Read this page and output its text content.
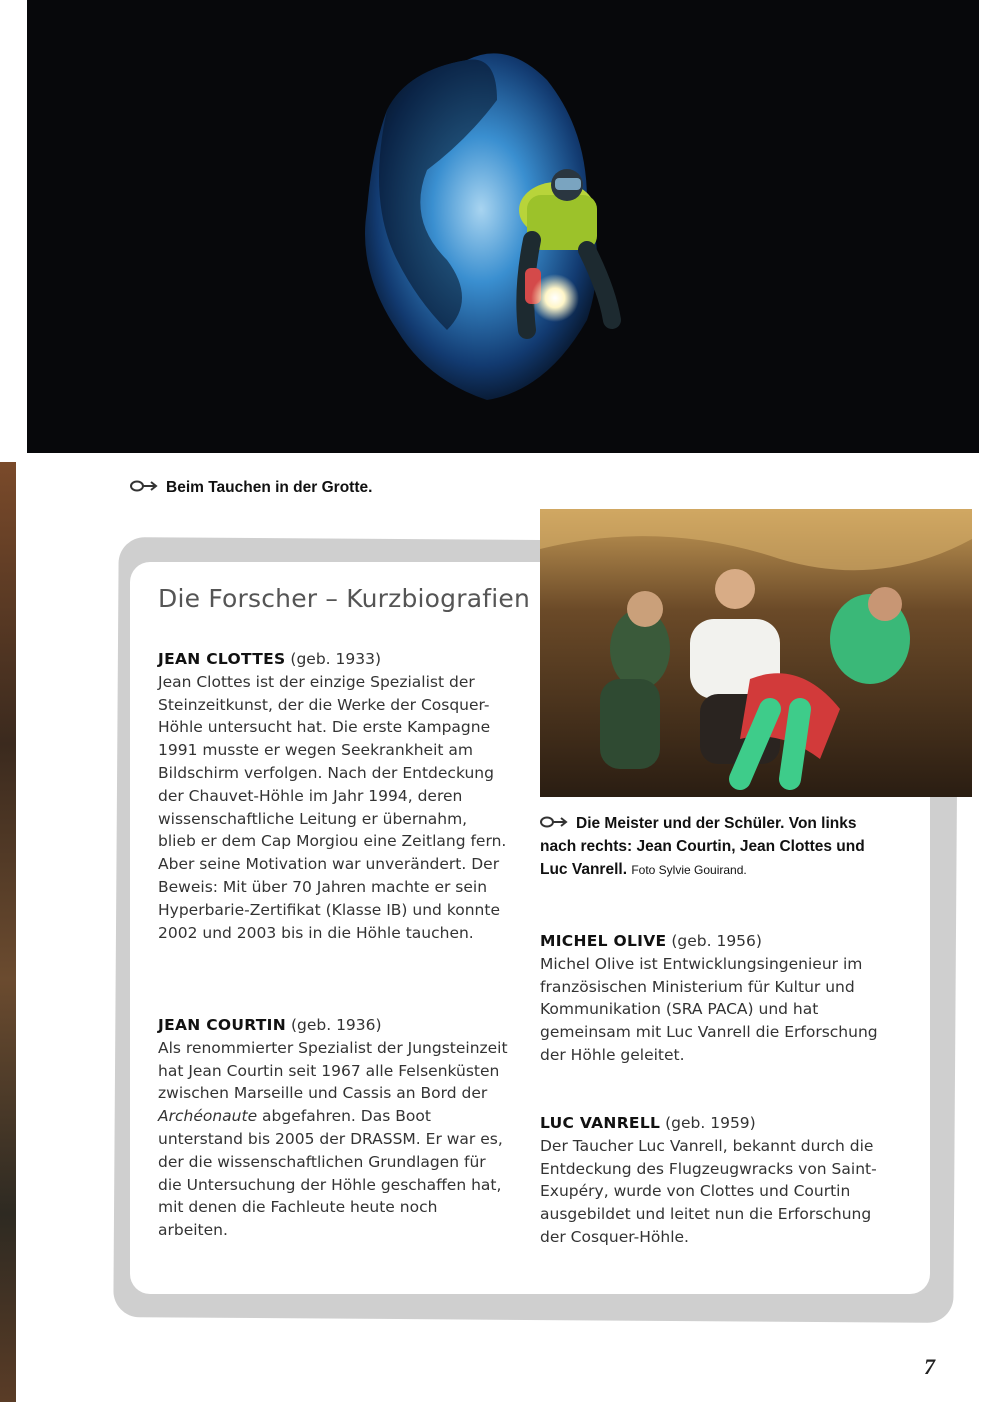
Beim Tauchen in der Grotte.
Die Meister und der Schüler. Von links nach rechts: Jean Courtin, Jean Clottes und Luc Vanrell. Foto Sylvie Gouirand.
Die Forscher – Kurzbiografien

JEAN CLOTTES (geb. 1933)

Jean Clottes ist der einzige Spezialist der Steinzeitkunst, der die Werke der Cosquer-Höhle untersucht hat. Die erste Kampagne 1991 musste er wegen Seekrankheit am Bildschirm verfolgen. Nach der Entdeckung der Chauvet-Höhle im Jahr 1994, deren wissenschaftliche Leitung er übernahm, blieb er dem Cap Morgiou eine Zeitlang fern. Aber seine Motivation war unverändert. Der Beweis: Mit über 70 Jahren machte er sein Hyperbarie-Zertifikat (Klasse IB) und konnte 2002 und 2003 bis in die Höhle tauchen.

JEAN COURTIN (geb. 1936)

Als renommierter Spezialist der Jungsteinzeit hat Jean Courtin seit 1967 alle Felsenküsten zwischen Marseille und Cassis an Bord der Archéonaute abgefahren. Das Boot unterstand bis 2005 der DRASSM. Er war es, der die wissenschaftlichen Grundlagen für die Untersuchung der Höhle geschaffen hat, mit denen die Fachleute heute noch arbeiten.

MICHEL OLIVE (geb. 1956)

Michel Olive ist Entwicklungsingenieur im französischen Ministerium für Kultur und Kommunikation (SRA PACA) und hat gemeinsam mit Luc Vanrell die Erforschung der Höhle geleitet.

LUC VANRELL (geb. 1959)

Der Taucher Luc Vanrell, bekannt durch die Entdeckung des Flugzeugwracks von Saint-Exupéry, wurde von Clottes und Courtin ausgebildet und leitet nun die Erforschung der Cosquer-Höhle.

7
